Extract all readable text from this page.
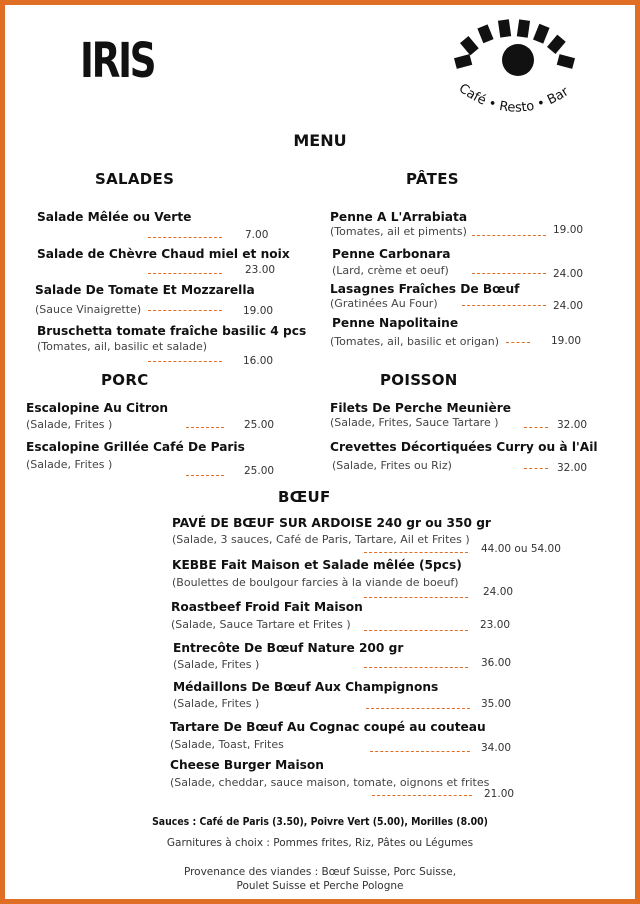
IRIS
Café • Resto • Bar
MENU
SALADES	PÂTES
PORC	POISSON
BŒUF
Salade Mêlée ou Verte
7.00
Salade de Chèvre Chaud miel et noix
23.00
Salade De Tomate Et Mozzarella
(Sauce Vinaigrette)	19.00
Bruschetta tomate fraîche basilic 4 pcs
(Tomates, ail, basilic et salade)
16.00
Penne A L'Arrabiata
(Tomates, ail et piments)	19.00
Penne Carbonara
(Lard, crème et oeuf)	24.00
Lasagnes Fraîches De Bœuf
(Gratinées Au Four)	24.00
Penne Napolitaine
(Tomates, ail, basilic et origan)	19.00
Escalopine Au Citron
(Salade, Frites )	25.00
Escalopine Grillée Café De Paris
(Salade, Frites )	25.00
Filets De Perche Meunière
(Salade, Frites, Sauce Tartare )	32.00
Crevettes Décortiquées Curry ou à l'Ail
(Salade, Frites ou Riz)	32.00
PAVÉ DE BŒUF SUR ARDOISE 240 gr ou 350 gr
(Salade, 3 sauces, Café de Paris, Tartare, Ail et Frites )
44.00 ou 54.00
KEBBE Fait Maison et Salade mêlée (5pcs)
(Boulettes de boulgour farcies à la viande de boeuf)
24.00
Roastbeef Froid Fait Maison
(Salade, Sauce Tartare et Frites )	23.00
Entrecôte De Bœuf Nature 200 gr
(Salade, Frites )	36.00
Médaillons De Bœuf Aux Champignons
(Salade, Frites )	35.00
Tartare De Bœuf Au Cognac coupé au couteau
(Salade, Toast, Frites	34.00
Cheese Burger Maison
(Salade, cheddar, sauce maison, tomate, oignons et frites
21.00
Sauces : Café de Paris (3.50), Poivre Vert (5.00), Morilles (8.00)
Garnitures à choix : Pommes frites, Riz, Pâtes ou Légumes
Provenance des viandes : Bœuf Suisse, Porc Suisse,
Poulet Suisse et Perche Pologne
